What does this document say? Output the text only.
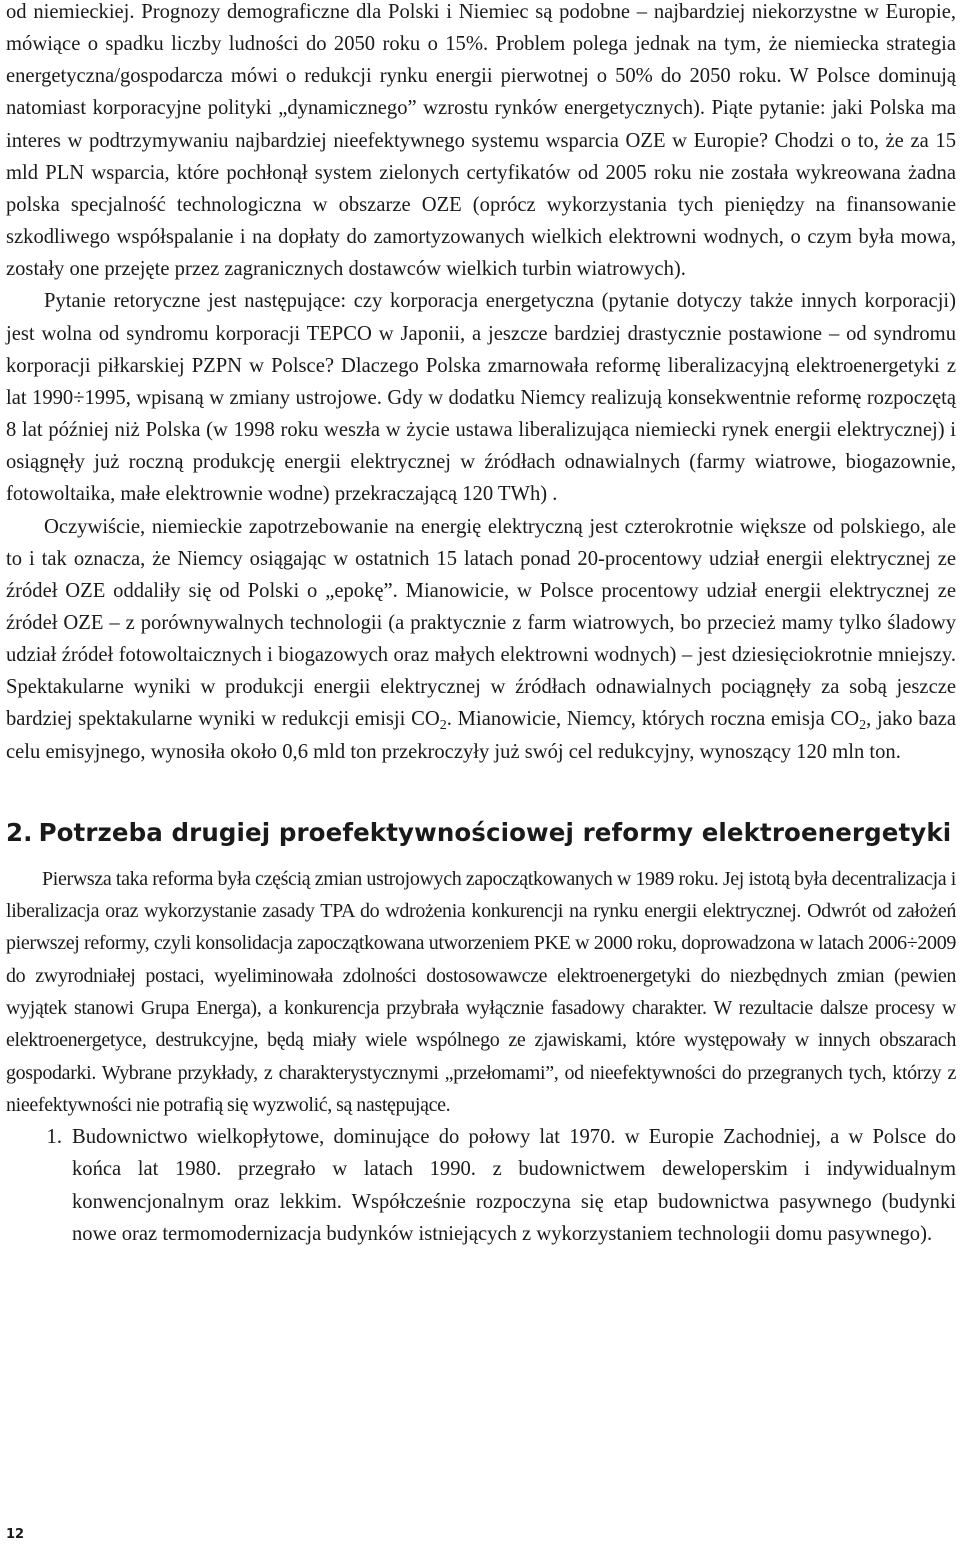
od niemieckiej. Prognozy demograficzne dla Polski i Niemiec są podobne – najbardziej niekorzystne w Europie, mówiące o spadku liczby ludności do 2050 roku o 15%. Problem polega jednak na tym, że niemiecka strategia energetyczna/gospodarcza mówi o redukcji rynku energii pierwotnej o 50% do 2050 roku. W Polsce dominują natomiast korporacyjne polityki „dynamicznego” wzrostu rynków energetycznych). Piąte pytanie: jaki Polska ma interes w podtrzymywaniu najbardziej nieefektywnego systemu wsparcia OZE w Europie? Chodzi o to, że za 15 mld PLN wsparcia, które pochłonął system zielonych certyfikatów od 2005 roku nie została wykreowana żadna polska specjalność technologiczna w obszarze OZE (oprócz wykorzystania tych pieniędzy na finansowanie szkodliwego współspalanie i na dopłaty do zamortyzowanych wielkich elektrowni wodnych, o czym była mowa, zostały one przejęte przez zagranicznych dostawców wielkich turbin wiatrowych).

Pytanie retoryczne jest następujące: czy korporacja energetyczna (pytanie dotyczy także innych korporacji) jest wolna od syndromu korporacji TEPCO w Japonii, a jeszcze bardziej drastycznie postawione – od syndromu korporacji piłkarskiej PZPN w Polsce? Dlaczego Polska zmarnowała reformę liberalizacyjną elektroenergetyki z lat 1990÷1995, wpisaną w zmiany ustrojowe. Gdy w dodatku Niemcy realizują konsekwentnie reformę rozpoczętą 8 lat później niż Polska (w 1998 roku weszła w życie ustawa liberalizująca niemiecki rynek energii elektrycznej) i osiągnęły już roczną produkcję energii elektrycznej w źródłach odnawialnych (farmy wiatrowe, biogazownie, fotowoltaika, małe elektrownie wodne) przekraczającą 120 TWh) .

Oczywiście, niemieckie zapotrzebowanie na energię elektryczną jest czterokrotnie większe od polskiego, ale to i tak oznacza, że Niemcy osiągając w ostatnich 15 latach ponad 20-procentowy udział energii elektrycznej ze źródeł OZE oddaliły się od Polski o „epokę”. Mianowicie, w Polsce procentowy udział energii elektrycznej ze źródeł OZE – z porównywalnych technologii (a praktycznie z farm wiatrowych, bo przecież mamy tylko śladowy udział źródeł fotowoltaicznych i biogazowych oraz małych elektrowni wodnych) – jest dziesięciokrotnie mniejszy. Spektakularne wyniki w produkcji energii elektrycznej w źródłach odnawialnych pociągnęły za sobą jeszcze bardziej spektakularne wyniki w redukcji emisji $CO_2$. Mianowicie, Niemcy, których roczna emisja $CO_2$, jako baza celu emisyjnego, wynosiła około 0,6 mld ton przekroczyły już swój cel redukcyjny, wynoszący 120 mln ton.

2. Potrzeba drugiej proefektywnościowej reformy elektroenergetyki

Pierwsza taka reforma była częścią zmian ustrojowych zapoczątkowanych w 1989 roku. Jej istotą była decentralizacja i liberalizacja oraz wykorzystanie zasady TPA do wdrożenia konkurencji na rynku energii elektrycznej. Odwrót od założeń pierwszej reformy, czyli konsolidacja zapoczątkowana utworzeniem PKE w 2000 roku, doprowadzona w latach 2006÷2009 do zwyrodniałej postaci, wyeliminowała zdolności dostosowawcze elektroenergetyki do niezbędnych zmian (pewien wyjątek stanowi Grupa Energa), a konkurencja przybrała wyłącznie fasadowy charakter. W rezultacie dalsze procesy w elektroenergetyce, destrukcyjne, będą miały wiele wspólnego ze zjawiskami, które występowały w innych obszarach gospodarki. Wybrane przykłady, z charakterystycznymi „przełomami”, od nieefektywności do przegranych tych, którzy z nieefektywności nie potrafią się wyzwolić, są następujące.

1. Budownictwo wielkopłytowe, dominujące do połowy lat 1970. w Europie Zachodniej, a w Polsce do końca lat 1980. przegrało w latach 1990. z budownictwem deweloperskim i indywidualnym konwencjonalnym oraz lekkim. Współcześnie rozpoczyna się etap budownictwa pasywnego (budynki nowe oraz termomodernizacja budynków istniejących z wykorzystaniem technologii domu pasywnego).
12
